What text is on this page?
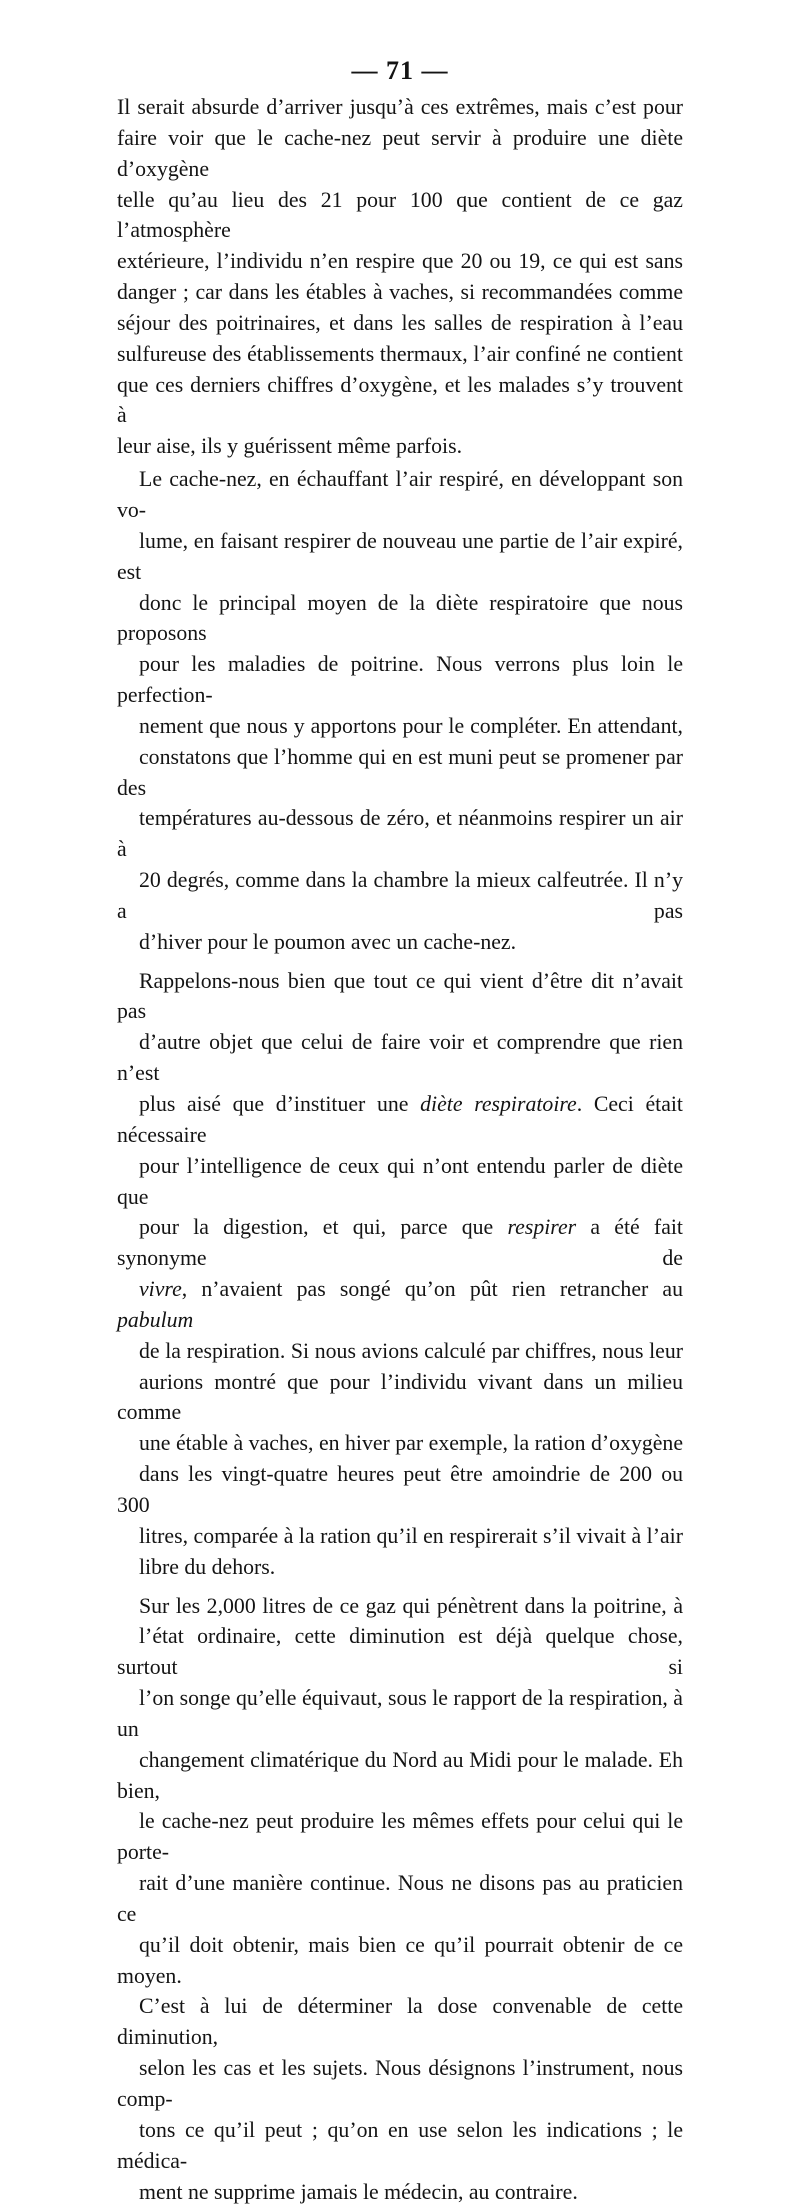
— 71 —

Il serait absurde d’arriver jusqu’à ces extrêmes, mais c’est pour
faire voir que le cache-nez peut servir à produire une diète d’oxygène
telle qu’au lieu des 21 pour 100 que contient de ce gaz l’atmosphère
extérieure, l’individu n’en respire que 20 ou 19, ce qui est sans
danger ; car dans les étables à vaches, si recommandées comme
séjour des poitrinaires, et dans les salles de respiration à l’eau
sulfureuse des établissements thermaux, l’air confiné ne contient
que ces derniers chiffres d’oxygène, et les malades s’y trouvent à
leur aise, ils y guérissent même parfois.

Le cache-nez, en échauffant l’air respiré, en développant son vo-
lume, en faisant respirer de nouveau une partie de l’air expiré, est
donc le principal moyen de la diète respiratoire que nous proposons
pour les maladies de poitrine. Nous verrons plus loin le perfection-
nement que nous y apportons pour le compléter. En attendant,
constatons que l’homme qui en est muni peut se promener par des
températures au-dessous de zéro, et néanmoins respirer un air à
20 degrés, comme dans la chambre la mieux calfeutrée. Il n’y a pas
d’hiver pour le poumon avec un cache-nez.

Rappelons-nous bien que tout ce qui vient d’être dit n’avait pas
d’autre objet que celui de faire voir et comprendre que rien n’est
plus aisé que d’instituer une diète respiratoire. Ceci était nécessaire
pour l’intelligence de ceux qui n’ont entendu parler de diète que
pour la digestion, et qui, parce que respirer a été fait synonyme de
vivre, n’avaient pas songé qu’on pût rien retrancher au pabulum
de la respiration. Si nous avions calculé par chiffres, nous leur
aurions montré que pour l’individu vivant dans un milieu comme
une étable à vaches, en hiver par exemple, la ration d’oxygène
dans les vingt-quatre heures peut être amoindrie de 200 ou 300
litres, comparée à la ration qu’il en respirerait s’il vivait à l’air
libre du dehors.

Sur les 2,000 litres de ce gaz qui pénètrent dans la poitrine, à
l’état ordinaire, cette diminution est déjà quelque chose, surtout si
l’on songe qu’elle équivaut, sous le rapport de la respiration, à un
changement climatérique du Nord au Midi pour le malade. Eh bien,
le cache-nez peut produire les mêmes effets pour celui qui le porte-
rait d’une manière continue. Nous ne disons pas au praticien ce
qu’il doit obtenir, mais bien ce qu’il pourrait obtenir de ce moyen.
C’est à lui de déterminer la dose convenable de cette diminution,
selon les cas et les sujets. Nous désignons l’instrument, nous comp-
tons ce qu’il peut ; qu’on en use selon les indications ; le médica-
ment ne supprime jamais le médecin, au contraire.
